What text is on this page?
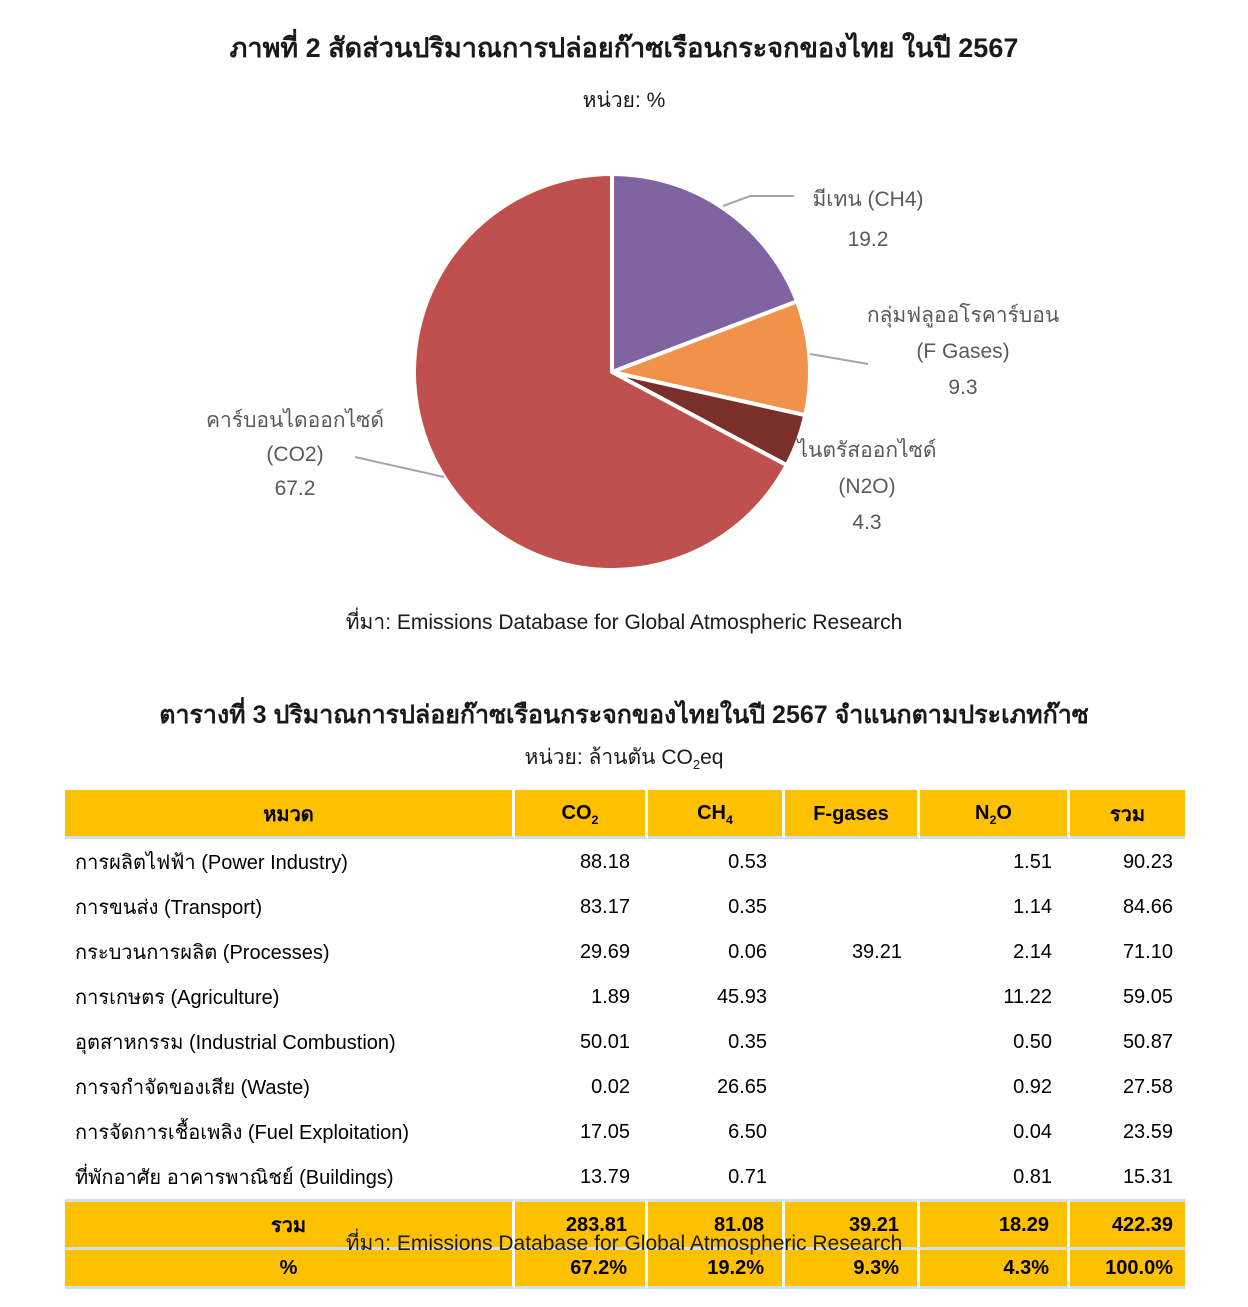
ภาพที่ 2 สัดส่วนปริมาณการปล่อยก๊าซเรือนกระจกของไทย ในปี 2567
หน่วย: %
มีเทน (CH4)
19.2
กลุ่มฟลูออโรคาร์บอน
(F Gases)
9.3
ไนตรัสออกไซด์
(N2O)
4.3
คาร์บอนไดออกไซด์
(CO2)
67.2
ที่มา: Emissions Database for Global Atmospheric Research
ตารางที่ 3 ปริมาณการปล่อยก๊าซเรือนกระจกของไทยในปี 2567 จำแนกตามประเภทก๊าซ
หน่วย: ล้านตัน $CO_2eq$
หมวด	$CO_2$	$CH_4$	F-gases	$N_2O$	รวม
การผลิตไฟฟ้า (Power Industry)	88.18	0.53		1.51	90.23
การขนส่ง (Transport)	83.17	0.35		1.14	84.66
กระบวนการผลิต (Processes)	29.69	0.06	39.21	2.14	71.10
การเกษตร (Agriculture)	1.89	45.93		11.22	59.05
อุตสาหกรรม (Industrial Combustion)	50.01	0.35		0.50	50.87
การจกำจัดของเสีย (Waste)	0.02	26.65		0.92	27.58
การจัดการเชื้อเพลิง (Fuel Exploitation)	17.05	6.50		0.04	23.59
ที่พักอาศัย อาคารพาณิชย์ (Buildings)	13.79	0.71		0.81	15.31
รวม	283.81	81.08	39.21	18.29	422.39
%	67.2%	19.2%	9.3%	4.3%	100.0%
ที่มา: Emissions Database for Global Atmospheric Research
